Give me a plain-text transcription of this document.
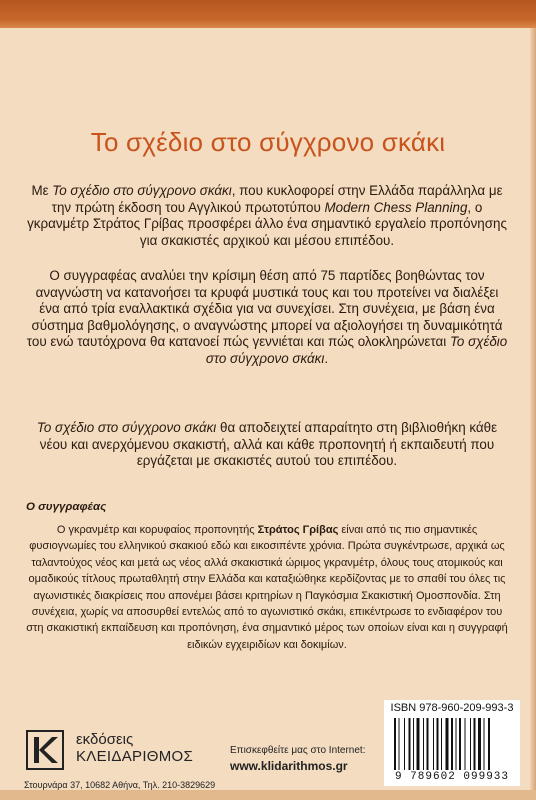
Το σχέδιο στο σύγχρονο σκάκι

Με Το σχέδιο στο σύγχρονο σκάκι, που κυκλοφορεί στην Ελλάδα παράλληλα με την πρώτη έκδοση του Αγγλικού πρωτοτύπου Modern Chess Planning, ο γκρανμέτρ Στράτος Γρίβας προσφέρει άλλο ένα σημαντικό εργαλείο προπόνησης για σκακιστές αρχικού και μέσου επιπέδου.

Ο συγγραφέας αναλύει την κρίσιμη θέση από 75 παρτίδες βοηθώντας τον αναγνώστη να κατανοήσει τα κρυφά μυστικά τους και του προτείνει να διαλέξει ένα από τρία εναλλακτικά σχέδια για να συνεχίσει. Στη συνέχεια, με βάση ένα σύστημα βαθμολόγησης, ο αναγνώστης μπορεί να αξιολογήσει τη δυναμικότητά του ενώ ταυτόχρονα θα κατανοεί πώς γεννιέται και πώς ολοκληρώνεται Το σχέδιο στο σύγχρονο σκάκι.

Το σχέδιο στο σύγχρονο σκάκι θα αποδειχτεί απαραίτητο στη βιβλιοθήκη κάθε νέου και ανερχόμενου σκακιστή, αλλά και κάθε προπονητή ή εκπαιδευτή που εργάζεται με σκακιστές αυτού του επιπέδου.

Ο συγγραφέας

Ο γκρανμέτρ και κορυφαίος προπονητής Στράτος Γρίβας είναι από τις πιο σημαντικές φυσιογνωμίες του ελληνικού σκακιού εδώ και εικοσιπέντε χρόνια. Πρώτα συγκέντρωσε, αρχικά ως ταλαντούχος νέος και μετά ως νέος αλλά σκακιστικά ώριμος γκρανμέτρ, όλους τους ατομικούς και ομαδικούς τίτλους πρωταθλητή στην Ελλάδα και καταξιώθηκε κερδίζοντας με το σπαθί του όλες τις αγωνιστικές διακρίσεις που απονέμει βάσει κριτηρίων η Παγκόσμια Σκακιστική Ομοσπονδία. Στη συνέχεια, χωρίς να αποσυρθεί εντελώς από το αγωνιστικό σκάκι, επικέντρωσε το ενδιαφέρον του στη σκακιστική εκπαίδευση και προπόνηση, ένα σημαντικό μέρος των οποίων είναι και η συγγραφή ειδικών εγχειριδίων και δοκιμίων.

ISBN 978-960-209-993-3
9 789602 099933
εκδόσεις
ΚΛΕΙΔΑΡΙΘΜΟΣ
Στουρνάρα 37, 10682 Αθήνα, Τηλ. 210-3829629
Επισκεφθείτε μας στο Internet:
www.klidarithmos.gr
